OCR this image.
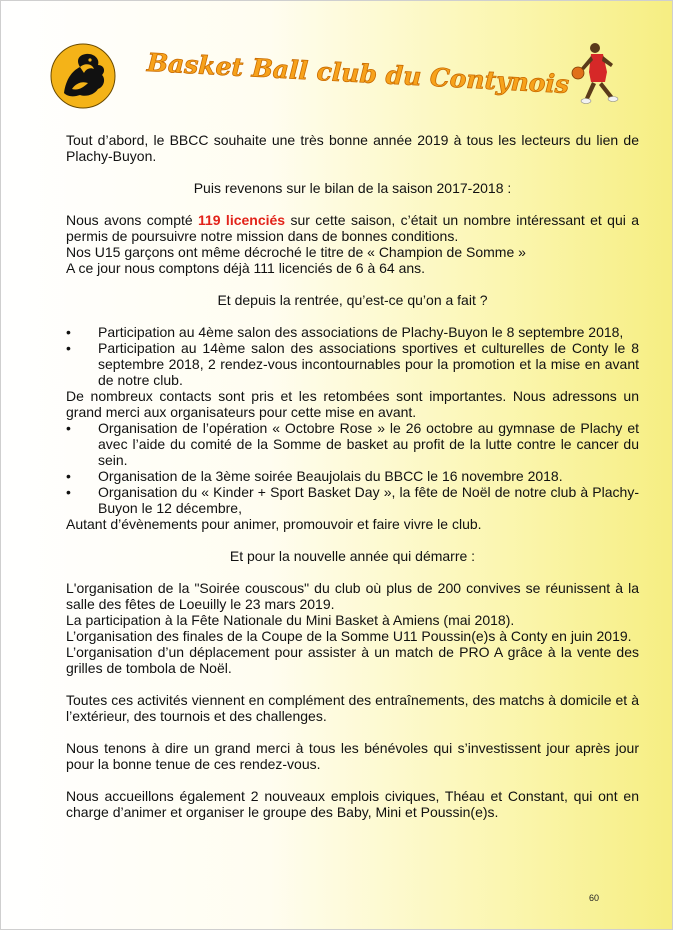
Basket Ball club du Contynois

Tout d’abord, le BBCC souhaite une très bonne année 2019 à tous les lecteurs du lien de Plachy-Buyon.

Puis revenons sur le bilan de la saison 2017-2018 :

Nous avons compté 119 licenciés sur cette saison, c’était un nombre intéressant et qui a permis de poursuivre notre mission dans de bonnes conditions.

Nos U15 garçons ont même décroché le titre de « Champion de Somme »

A ce jour nous comptons déjà 111 licenciés de 6 à 64 ans.

Et depuis la rentrée, qu’est-ce qu’on a fait ?

• Participation au 4ème salon des associations de Plachy-Buyon le 8 septembre 2018,
• Participation au 14ème salon des associations sportives et culturelles de Conty le 8 septembre 2018, 2 rendez-vous incontournables pour la promotion et la mise en avant de notre club.

De nombreux contacts sont pris et les retombées sont importantes. Nous adressons un grand merci aux organisateurs pour cette mise en avant.

• Organisation de l’opération « Octobre Rose » le 26 octobre au gymnase de Plachy et avec l’aide du comité de la Somme de basket au profit de la lutte contre le cancer du sein.
• Organisation de la 3ème soirée Beaujolais du BBCC le 16 novembre 2018.
• Organisation du « Kinder + Sport Basket Day », la fête de Noël de notre club à Plachy-Buyon le 12 décembre,

Autant d’évènements pour animer, promouvoir et faire vivre le club.

Et pour la nouvelle année qui démarre :

L'organisation de la "Soirée couscous" du club où plus de 200 convives se réunissent à la salle des fêtes de Loeuilly le 23 mars 2019.

La participation à la Fête Nationale du Mini Basket à Amiens (mai 2018).

L’organisation des finales de la Coupe de la Somme U11 Poussin(e)s à Conty en juin 2019.

L’organisation d’un déplacement pour assister à un match de PRO A grâce à la vente des grilles de tombola de Noël.

Toutes ces activités viennent en complément des entraînements, des matchs à domicile et à l’extérieur, des tournois et des challenges.

Nous tenons à dire un grand merci à tous les bénévoles qui s’investissent jour après jour pour la bonne tenue de ces rendez-vous.

Nous accueillons également 2 nouveaux emplois civiques, Théau et Constant, qui ont en charge d’animer et organiser le groupe des Baby, Mini et Poussin(e)s.

60
